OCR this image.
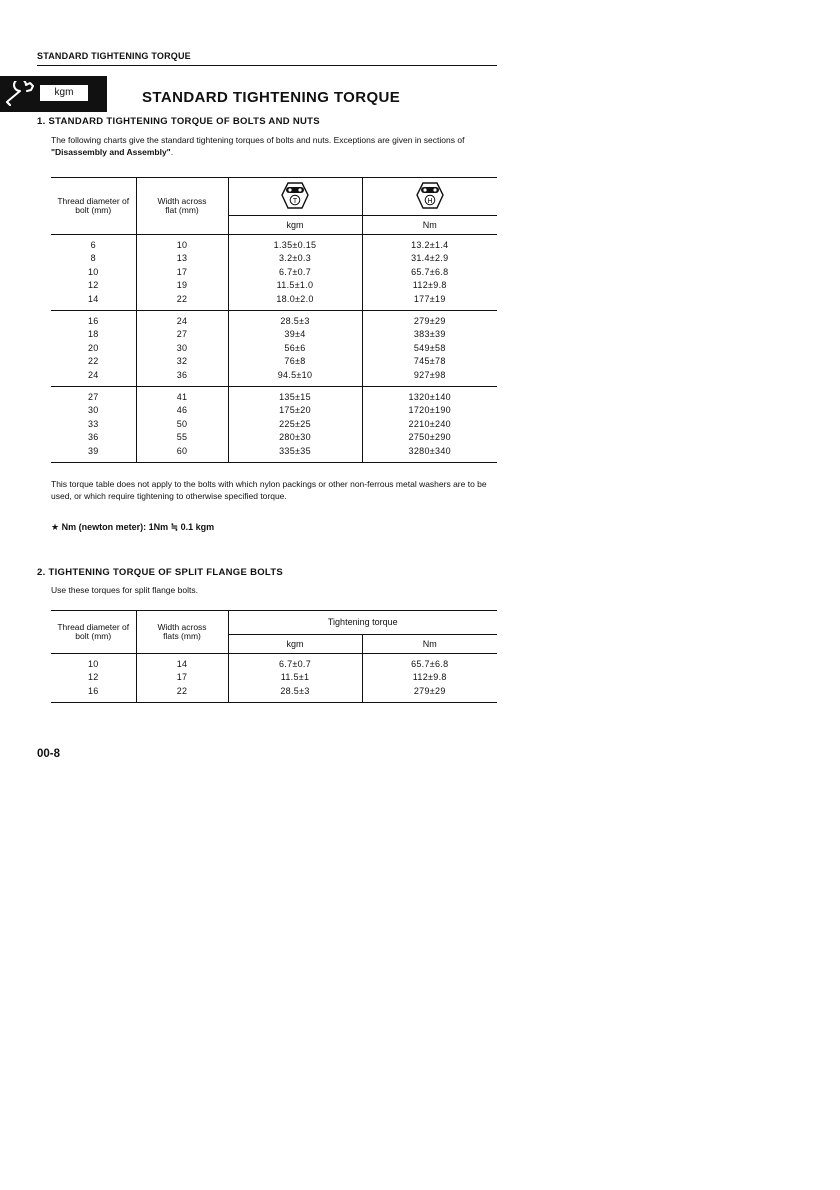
STANDARD TIGHTENING TORQUE
kgm	STANDARD TIGHTENING TORQUE
1. STANDARD TIGHTENING TORQUE OF BOLTS AND NUTS
The following charts give the standard tightening torques of bolts and nuts. Exceptions are given in sections of "Disassembly and Assembly".
Thread diameter of bolt (mm)	Width across flat (mm)	T	H

		kgm	Nm
6	10	1.35±0.15	13.2±1.4
8	13	3.2±0.3	31.4±2.9
10	17	6.7±0.7	65.7±6.8
12	19	11.5±1.0	112±9.8
14	22	18.0±2.0	177±19
16	24	28.5±3	279±29
18	27	39±4	383±39
20	30	56±6	549±58
22	32	76±8	745±78
24	36	94.5±10	927±98
27	41	135±15	1320±140
30	46	175±20	1720±190
33	50	225±25	2210±240
36	55	280±30	2750±290
39	60	335±35	3280±340
This torque table does not apply to the bolts with which nylon packings or other non-ferrous metal washers are to be used, or which require tightening to otherwise specified torque.
★ Nm (newton meter): 1Nm ≒ 0.1 kgm
2. TIGHTENING TORQUE OF SPLIT FLANGE BOLTS
Use these torques for split flange bolts.
Thread diameter of bolt (mm)	Width across flats (mm)	Tightening torque	
		kgm	Nm
10	14	6.7±0.7	65.7±6.8
12	17	11.5±1	112±9.8
16	22	28.5±3	279±29
00-8
